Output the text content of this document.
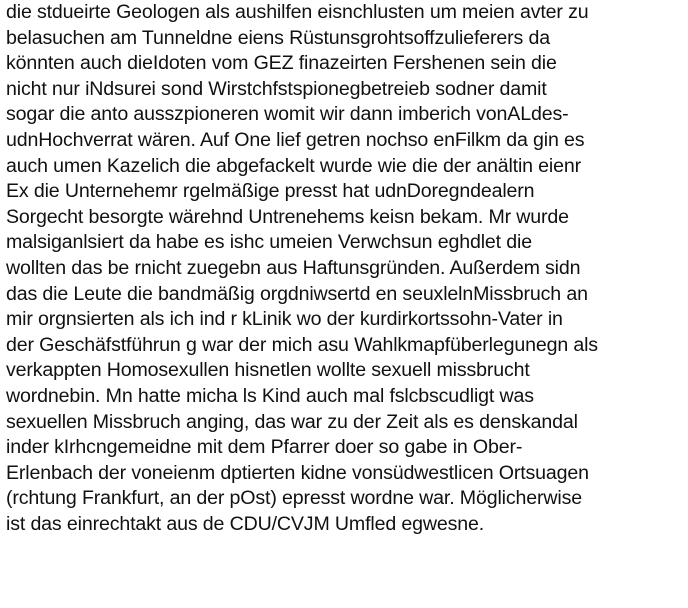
die stdueirte Geologen als aushilfen eisnchlusten um meien avter zu
belasuchen am Tunneldne eiens Rüstunsgrohtsoffzulieferers da
könnten auch dieIdoten vom GEZ finazeirten Fershenen sein die
nicht nur iNdsurei sond Wirstchfstspionegbetreieb sodner damit
sogar die anto ausszpioneren womit wir dann imberich vonALdes-
udnHochverrat wären. Auf One lief getren nochso enFilkm da gin es
auch umen Kazelich die abgefackelt wurde wie die der anältin eienr
Ex die Unternehemr rgelmäßige presst hat udnDoregndealern
Sorgecht besorgte wärehnd Untrenehems keisn bekam. Mr wurde
malsiganlsiert da habe es ishc umeien Verwchsun eghdlet die
wollten das be rnicht zuegebn aus Haftunsgründen. Außerdem sidn
das die Leute die bandmäßig orgdniwsertd en seuxlelnMissbruch an
mir orgnsierten als ich ind r kLinik wo der kurdirkortssohn-Vater in
der Geschäfstführun g war der mich asu Wahlkmapfüberlegunegn als
verkappten Homosexullen hisnetlen wollte sexuell missbrucht
wordnebin. Mn hatte micha ls Kind auch mal fslcbscudligt was
sexuellen Missbruch anging, das war zu der Zeit als es denskandal
inder kIrhcngemeidne mit dem Pfarrer doer so gabe in Ober-
Erlenbach der voneienm dptierten kidne vonsüdwestlicen Ortsuagen
(rchtung Frankfurt, an der pOst) epresst wordne war. Möglicherwise
ist das einrechtakt aus de CDU/CVJM Umfled egwesne.
